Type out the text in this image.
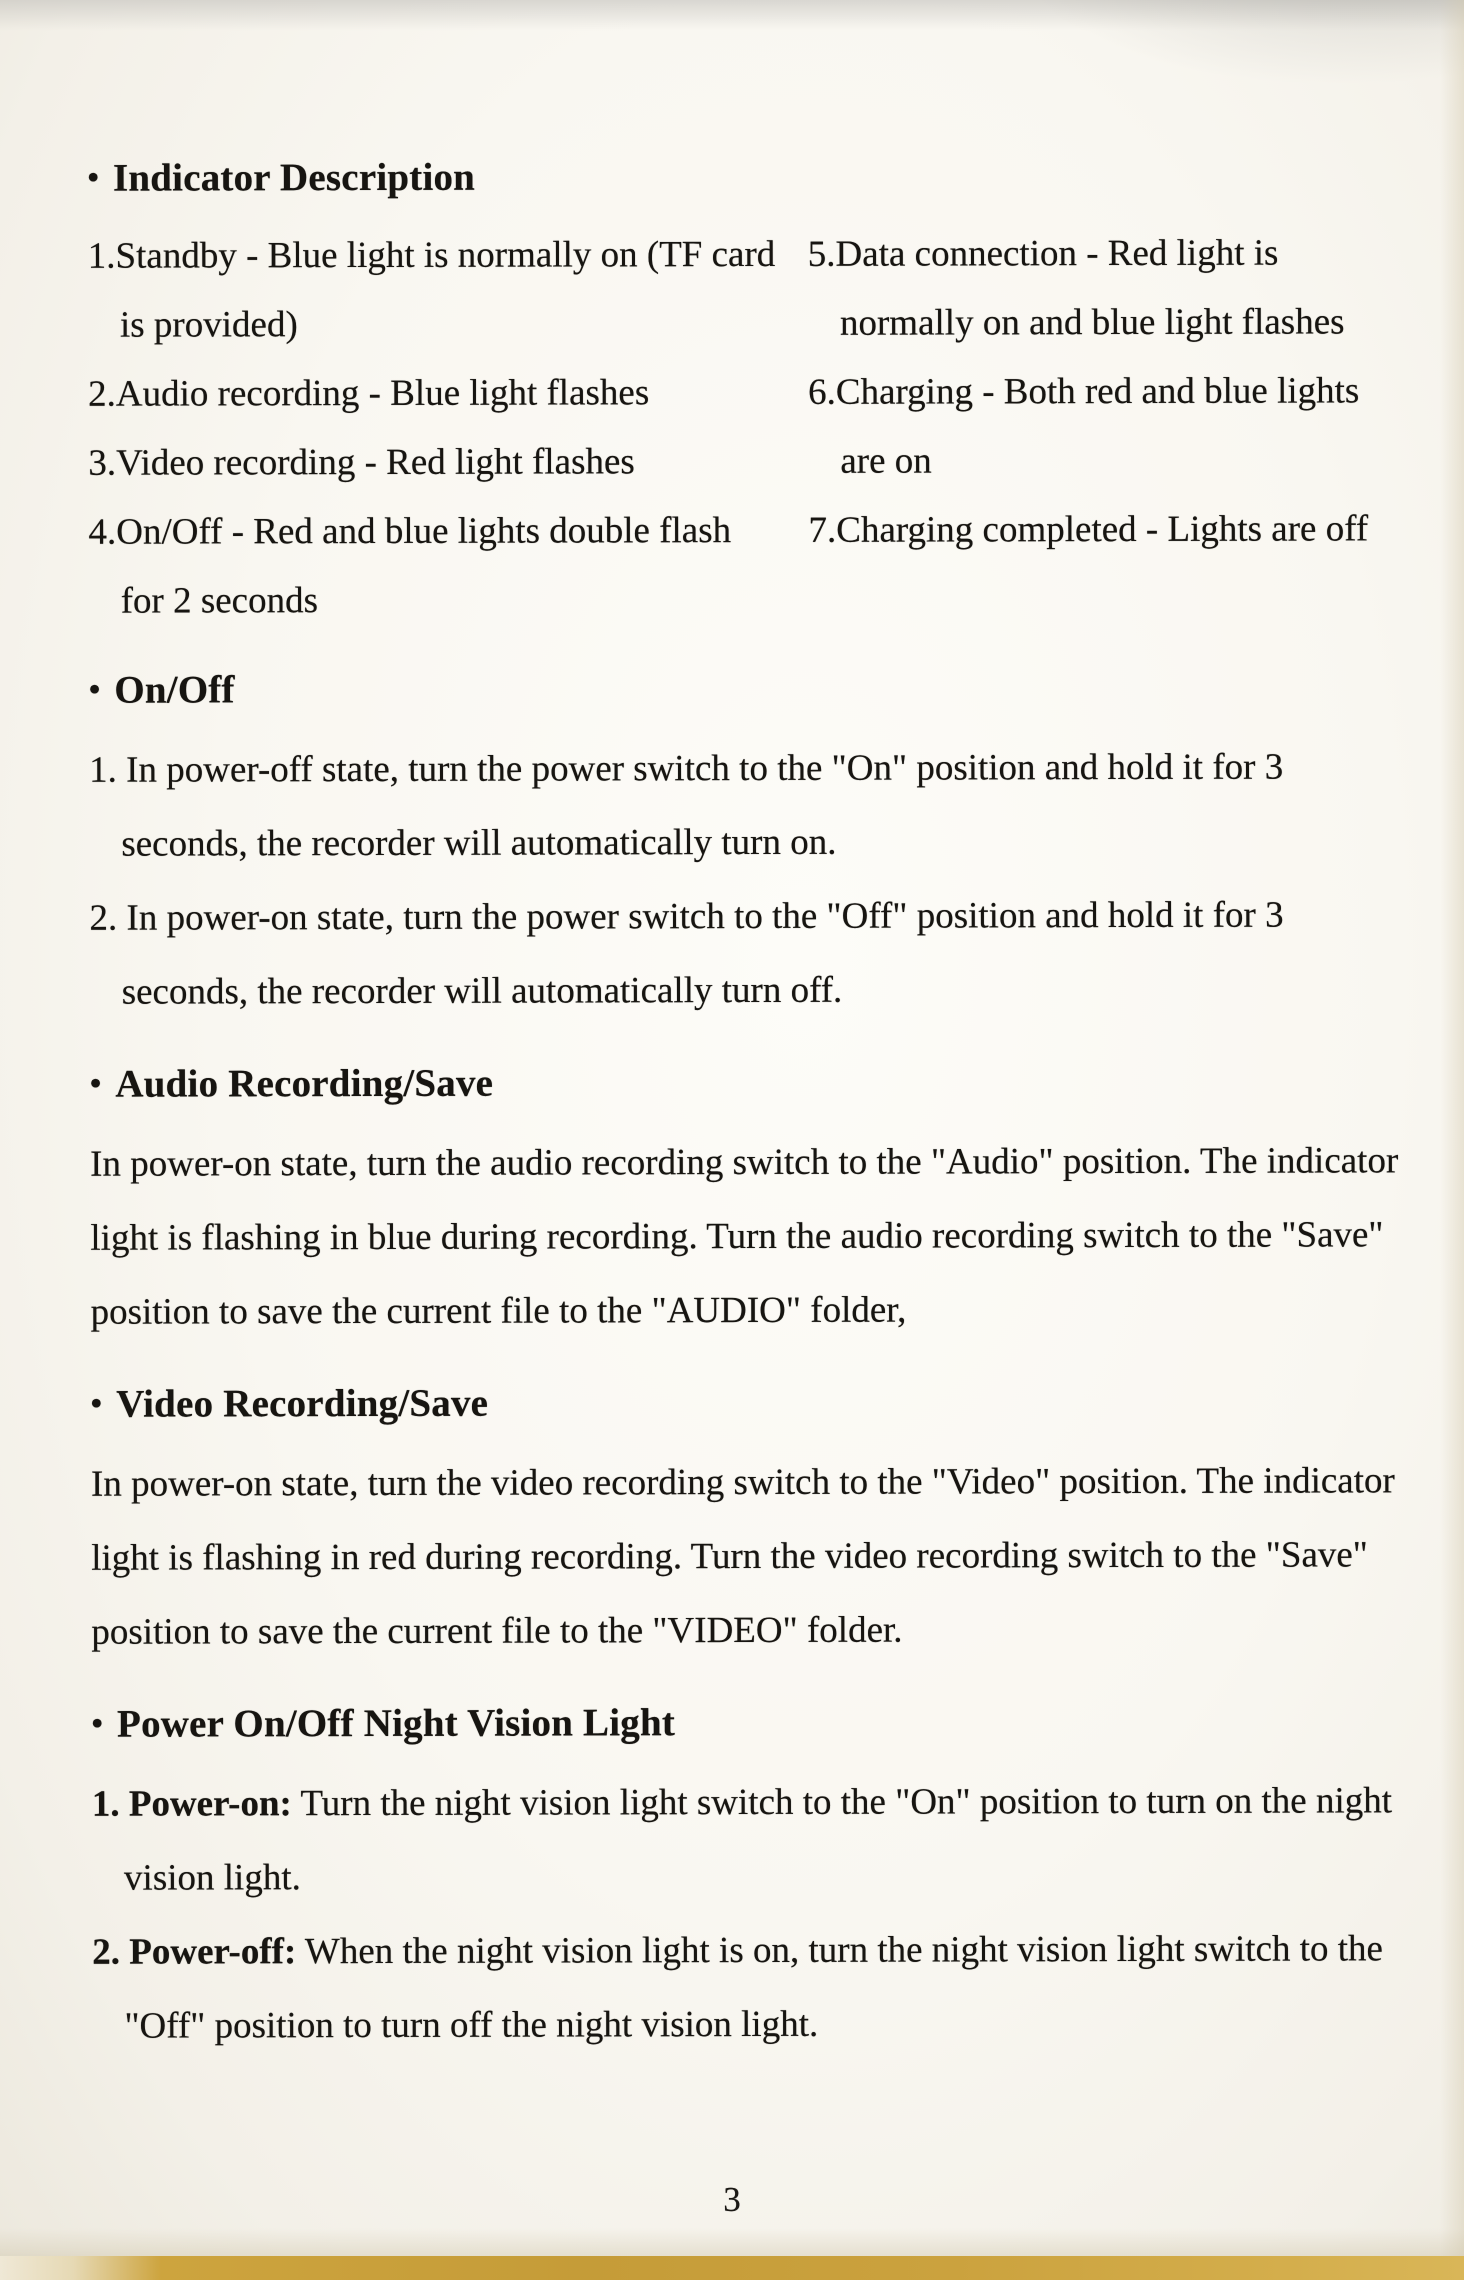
• Indicator Description

1.Standby - Blue light is normally on (TF card is provided)

2.Audio recording - Blue light flashes

3.Video recording - Red light flashes

4.On/Off - Red and blue lights double flash for 2 seconds

5.Data connection - Red light is normally on and blue light flashes

6.Charging - Both red and blue lights are on

7.Charging completed - Lights are off

• On/Off

1. In power-off state, turn the power switch to the "On" position and hold it for 3 seconds, the recorder will automatically turn on.

2. In power-on state, turn the power switch to the "Off" position and hold it for 3 seconds, the recorder will automatically turn off.

• Audio Recording/Save

In power-on state, turn the audio recording switch to the "Audio" position. The indicator light is flashing in blue during recording. Turn the audio recording switch to the "Save" position to save the current file to the "AUDIO" folder,

• Video Recording/Save

In power-on state, turn the video recording switch to the "Video" position. The indicator light is flashing in red during recording. Turn the video recording switch to the "Save" position to save the current file to the "VIDEO" folder.

• Power On/Off Night Vision Light

1. Power-on: Turn the night vision light switch to the "On" position to turn on the night vision light.

2. Power-off: When the night vision light is on, turn the night vision light switch to the "Off" position to turn off the night vision light.

3
